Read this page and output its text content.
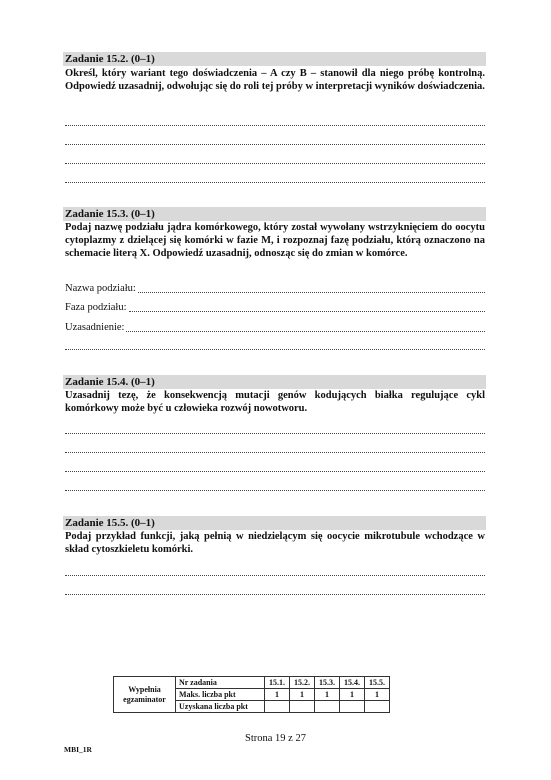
Zadanie 15.2. (0–1)
Określ, który wariant tego doświadczenia – A czy B – stanowił dla niego próbę kontrolną. Odpowiedź uzasadnij, odwołując się do roli tej próby w interpretacji wyników doświadczenia.
Zadanie 15.3. (0–1)
Podaj nazwę podziału jądra komórkowego, który został wywołany wstrzyknięciem do oocytu cytoplazmy z dzielącej się komórki w fazie M, i rozpoznaj fazę podziału, którą oznaczono na schemacie literą X. Odpowiedź uzasadnij, odnosząc się do zmian w komórce.
Nazwa podziału:
Faza podziału:
Uzasadnienie:
Zadanie 15.4. (0–1)
Uzasadnij tezę, że konsekwencją mutacji genów kodujących białka regulujące cykl komórkowy może być u człowieka rozwój nowotworu.
Zadanie 15.5. (0–1)
Podaj przykład funkcji, jaką pełnią w niedzielącym się oocycie mikrotubule wchodzące w skład cytoszkieletu komórki.
Wypełnia
egzaminator	Nr zadania	15.1.	15.2.	15.3.	15.4.	15.5.
	Maks. liczba pkt	1	1	1	1	1
	Uzyskana liczba pkt					
Strona 19 z 27
MBI_1R
